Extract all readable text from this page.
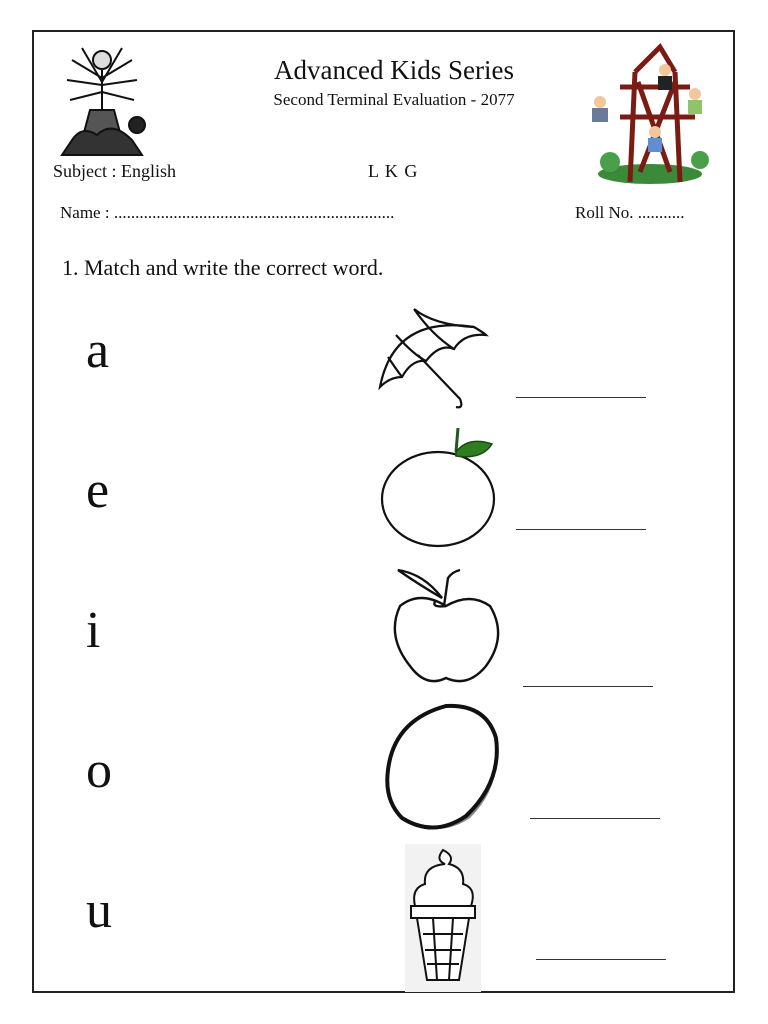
Advanced Kids Series
Second Terminal Evaluation - 2077
Subject : English	L K G
Name : ..................................................................	Roll No. ...........
1. Match and write the correct word.
a
e
i
o
u
